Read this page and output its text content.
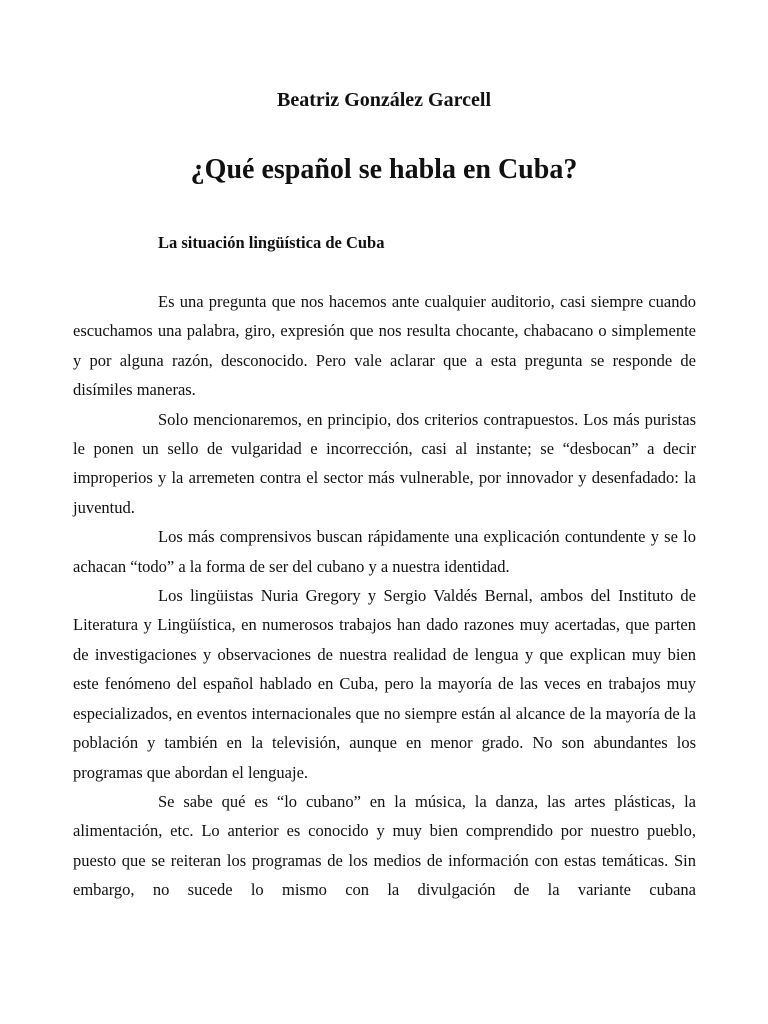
Beatriz González Garcell
¿Qué español se habla en Cuba?
La situación lingüística de Cuba

Es una pregunta que nos hacemos ante cualquier auditorio, casi siempre cuando escuchamos una palabra, giro, expresión que nos resulta chocante, chabacano o simplemente y por alguna razón, desconocido. Pero vale aclarar que a esta pregunta se responde de disímiles maneras.

Solo mencionaremos, en principio, dos criterios contrapuestos. Los más puristas le ponen un sello de vulgaridad e incorrección, casi al instante; se “desbocan” a decir improperios y la arremeten contra el sector más vulnerable, por innovador y desenfadado: la juventud.

Los más comprensivos buscan rápidamente una explicación contundente y se lo achacan “todo” a la forma de ser del cubano y a nuestra identidad.

Los lingüistas Nuria Gregory y Sergio Valdés Bernal, ambos del Instituto de Literatura y Lingüística, en numerosos trabajos han dado razones muy acertadas, que parten de investigaciones y observaciones de nuestra realidad de lengua y que explican muy bien este fenómeno del español hablado en Cuba, pero la mayoría de las veces en trabajos muy especializados, en eventos internacionales que no siempre están al alcance de la mayoría de la población y también en la televisión, aunque en menor grado. No son abundantes los programas que abordan el lenguaje.

Se sabe qué es “lo cubano” en la música, la danza, las artes plásticas, la alimentación, etc. Lo anterior es conocido y muy bien comprendido por nuestro pueblo, puesto que se reiteran los programas de los medios de información con estas temáticas. Sin embargo, no sucede lo mismo con la divulgación de la variante cubana
